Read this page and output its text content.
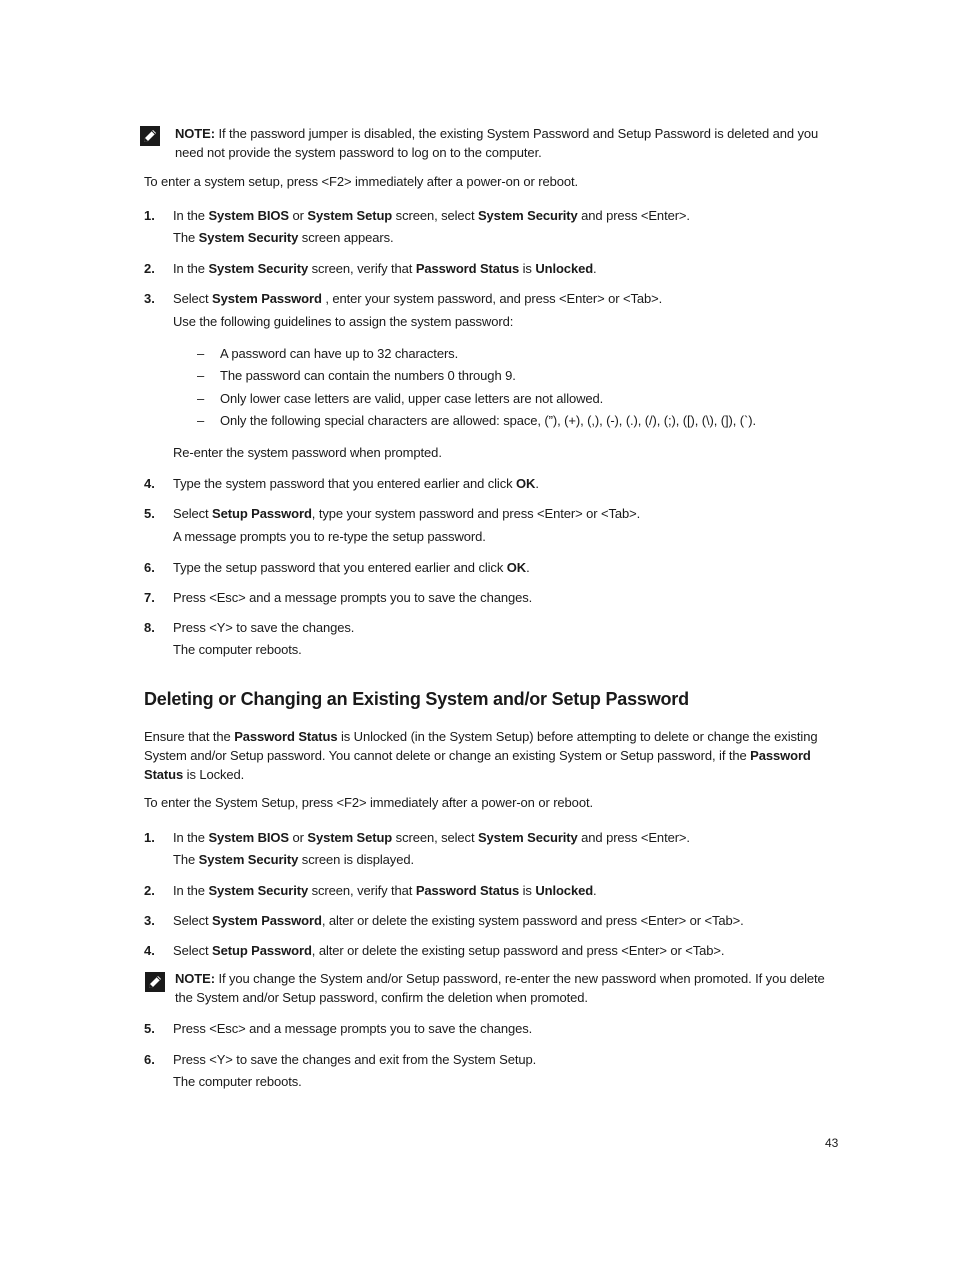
NOTE: If the password jumper is disabled, the existing System Password and Setup Password is deleted and you
need not provide the system password to log on to the computer.
To enter a system setup, press <F2> immediately after a power-on or reboot.
1. In the System BIOS or System Setup screen, select System Security and press <Enter>.
The System Security screen appears.
2. In the System Security screen, verify that Password Status is Unlocked.
3. Select System Password , enter your system password, and press <Enter> or <Tab>.
Use the following guidelines to assign the system password:
– A password can have up to 32 characters.
– The password can contain the numbers 0 through 9.
– Only lower case letters are valid, upper case letters are not allowed.
– Only the following special characters are allowed: space, (”), (+), (,), (-), (.), (/), (;), ([), (\), (]), (`).
Re-enter the system password when prompted.
4. Type the system password that you entered earlier and click OK.
5. Select Setup Password, type your system password and press <Enter> or <Tab>.
A message prompts you to re-type the setup password.
6. Type the setup password that you entered earlier and click OK.
7. Press <Esc> and a message prompts you to save the changes.
8. Press <Y> to save the changes.
The computer reboots.
Deleting or Changing an Existing System and/or Setup Password
Ensure that the Password Status is Unlocked (in the System Setup) before attempting to delete or change the existing
System and/or Setup password. You cannot delete or change an existing System or Setup password, if the Password
Status is Locked.
To enter the System Setup, press <F2> immediately after a power-on or reboot.
1. In the System BIOS or System Setup screen, select System Security and press <Enter>.
The System Security screen is displayed.
2. In the System Security screen, verify that Password Status is Unlocked.
3. Select System Password, alter or delete the existing system password and press <Enter> or <Tab>.
4. Select Setup Password, alter or delete the existing setup password and press <Enter> or <Tab>.
NOTE: If you change the System and/or Setup password, re-enter the new password when promoted. If you delete
the System and/or Setup password, confirm the deletion when promoted.
5. Press <Esc> and a message prompts you to save the changes.
6. Press <Y> to save the changes and exit from the System Setup.
The computer reboots.
43
